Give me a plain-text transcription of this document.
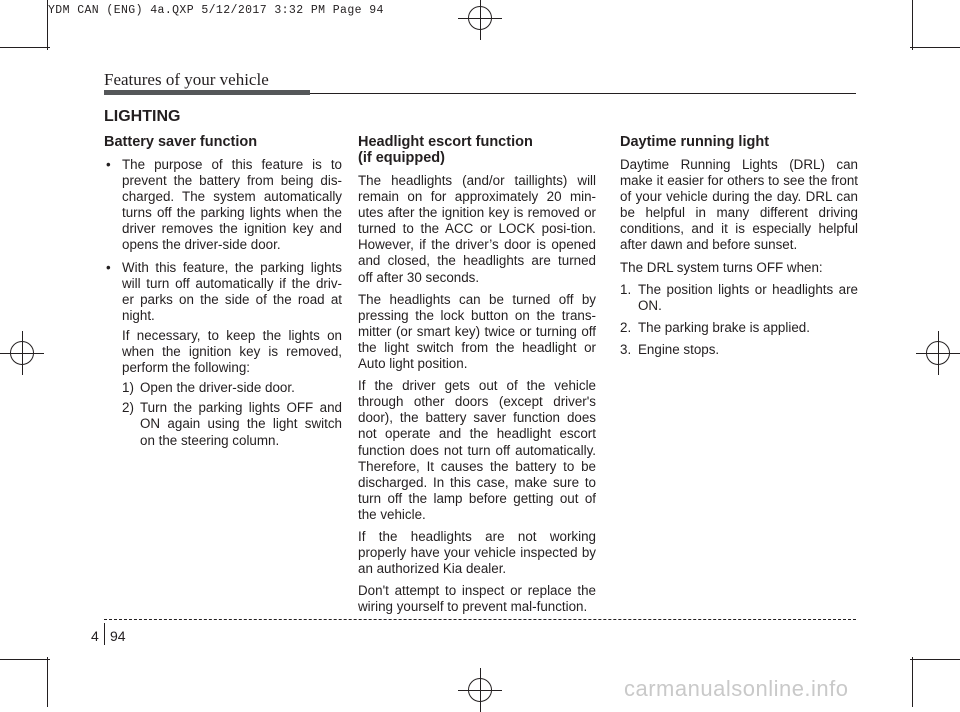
YDM CAN (ENG) 4a.QXP 5/12/2017 3:32 PM Page 94
Features of your vehicle
LIGHTING
Battery saver function
• The purpose of this feature is to prevent the battery from being dis-charged. The system automatically turns off the parking lights when the driver removes the ignition key and opens the driver-side door.
• With this feature, the parking lights will turn off automatically if the driv-er parks on the side of the road at night.

If necessary, to keep the lights on when the ignition key is removed, perform the following:

1) Open the driver-side door.
2) Turn the parking lights OFF and ON again using the light switch on the steering column.
Headlight escort function
(if equipped)

The headlights (and/or taillights) will remain on for approximately 20 min-utes after the ignition key is removed or turned to the ACC or LOCK posi-tion. However, if the driver’s door is opened and closed, the headlights are turned off after 30 seconds.

The headlights can be turned off by pressing the lock button on the trans-mitter (or smart key) twice or turning off the light switch from the headlight or Auto light position.

If the driver gets out of the vehicle through other doors (except driver's door), the battery saver function does not operate and the headlight escort function does not turn off automatically. Therefore, It causes the battery to be discharged. In this case, make sure to turn off the lamp before getting out of the vehicle.

If the headlights are not working properly have your vehicle inspected by an authorized Kia dealer.

Don't attempt to inspect or replace the wiring yourself to prevent mal-function.

Daytime running light

Daytime Running Lights (DRL) can make it easier for others to see the front of your vehicle during the day. DRL can be helpful in many different driving conditions, and it is especially helpful after dawn and before sunset.

The DRL system turns OFF when:

1. The position lights or headlights are ON.
2. The parking brake is applied.
3. Engine stops.
4 94
carmanualsonline.info
